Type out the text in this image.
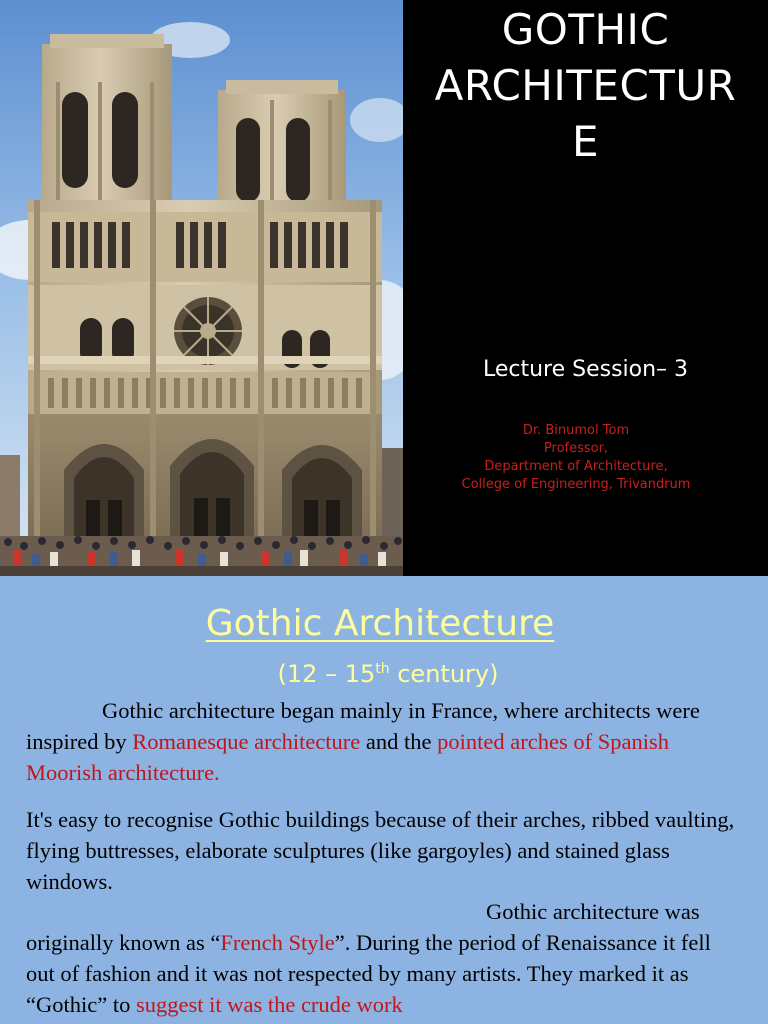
GOTHIC
ARCHITECTUR
E
Lecture Session– 3
Dr. Binumol Tom
Professor,
Department of Architecture,
College of Engineering, Trivandrum
Gothic Architecture
(12 – 15th century)

Gothic architecture began mainly in France, where architects were inspired by Romanesque architecture and the pointed arches of Spanish Moorish architecture.

It's easy to recognise Gothic buildings because of their arches, ribbed vaulting, flying buttresses, elaborate sculptures (like gargoyles) and stained glass windows.

Gothic architecture was originally known as “French Style”. During the period of Renaissance it fell out of fashion and it was not respected by many artists. They marked it as “Gothic” to suggest it was the crude work
